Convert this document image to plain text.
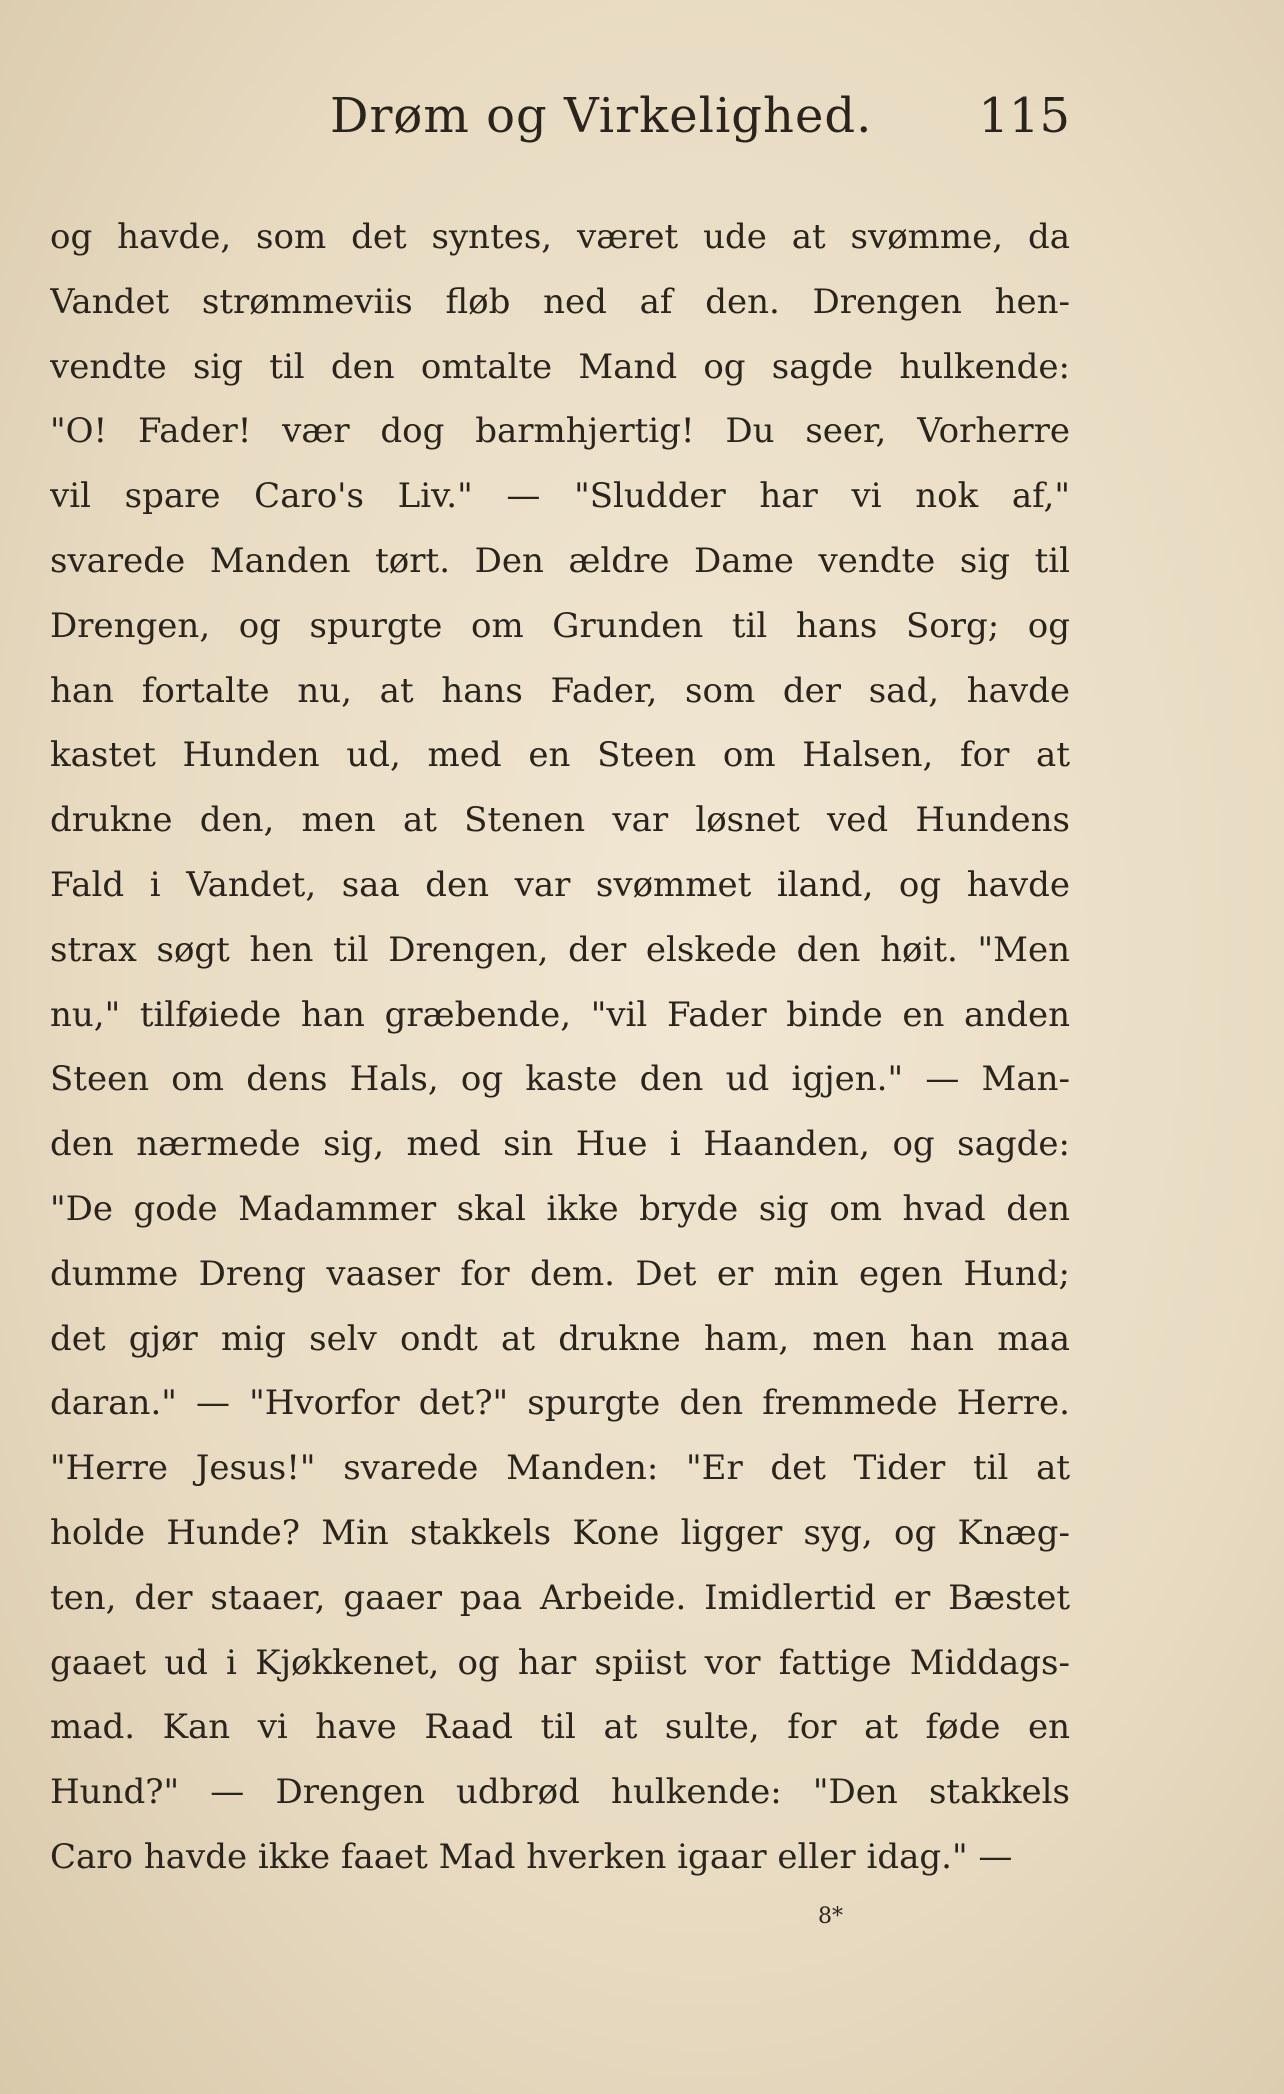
Drøm og Virkelighed. 115
og havde, som det syntes, været ude at svømme, da
Vandet strømmeviis fløb ned af den. Drengen hen-
vendte sig til den omtalte Mand og sagde hulkende:
"O! Fader! vær dog barmhjertig! Du seer, Vorherre
vil spare Caro's Liv." — "Sludder har vi nok af,"
svarede Manden tørt. Den ældre Dame vendte sig til
Drengen, og spurgte om Grunden til hans Sorg; og
han fortalte nu, at hans Fader, som der sad, havde
kastet Hunden ud, med en Steen om Halsen, for at
drukne den, men at Stenen var løsnet ved Hundens
Fald i Vandet, saa den var svømmet iland, og havde
strax søgt hen til Drengen, der elskede den høit. "Men
nu," tilføiede han græbende, "vil Fader binde en anden
Steen om dens Hals, og kaste den ud igjen." — Man-
den nærmede sig, med sin Hue i Haanden, og sagde:
"De gode Madammer skal ikke bryde sig om hvad den
dumme Dreng vaaser for dem. Det er min egen Hund;
det gjør mig selv ondt at drukne ham, men han maa
daran." — "Hvorfor det?" spurgte den fremmede Herre.
"Herre Jesus!" svarede Manden: "Er det Tider til at
holde Hunde? Min stakkels Kone ligger syg, og Knæg-
ten, der staaer, gaaer paa Arbeide. Imidlertid er Bæstet
gaaet ud i Kjøkkenet, og har spiist vor fattige Middags-
mad. Kan vi have Raad til at sulte, for at føde en
Hund?" — Drengen udbrød hulkende: "Den stakkels
Caro havde ikke faaet Mad hverken igaar eller idag." —
8*
